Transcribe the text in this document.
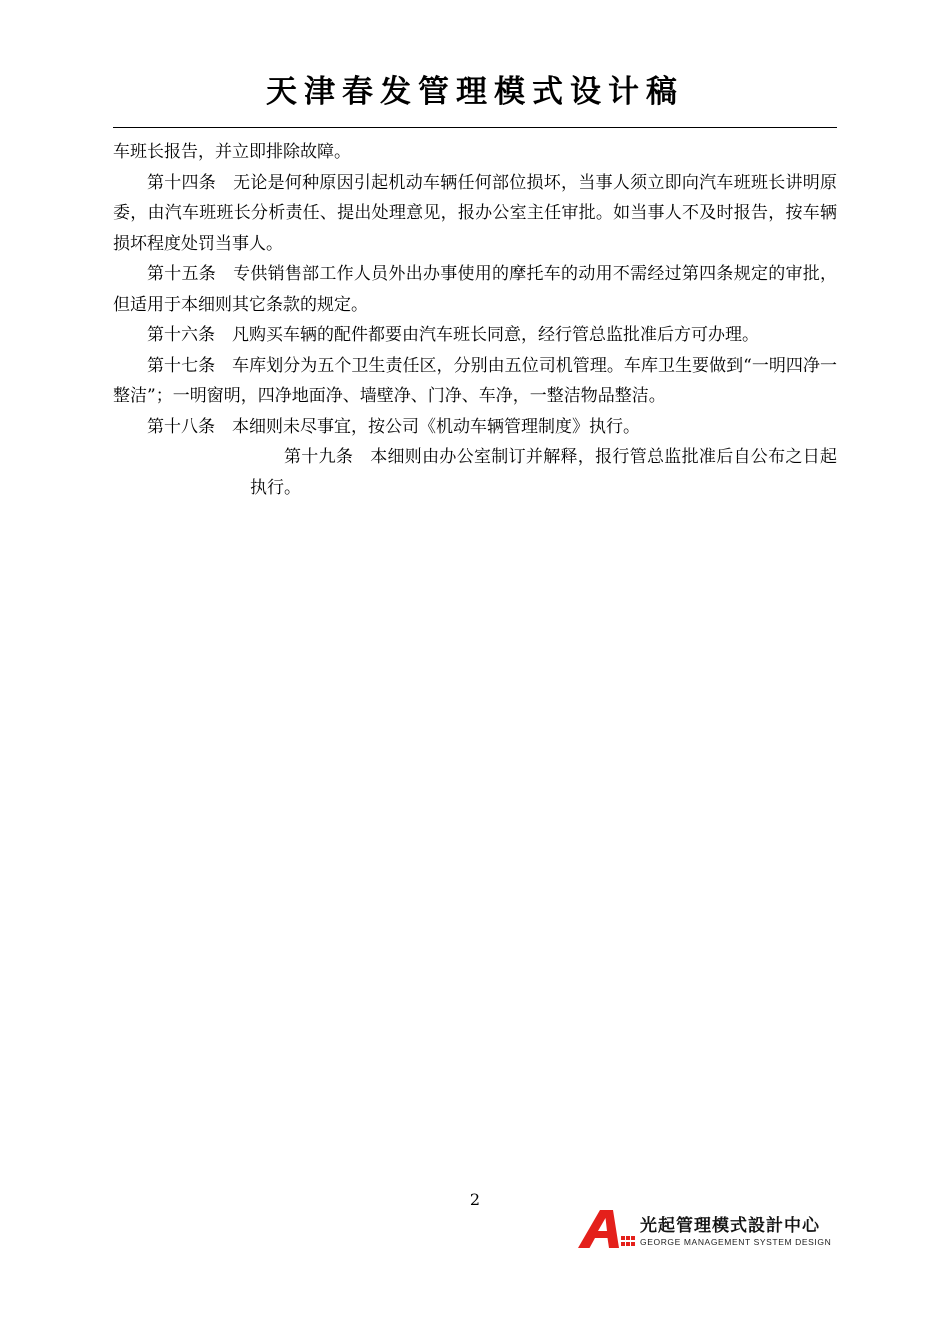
天津春发管理模式设计稿

车班长报告，并立即排除故障。

第十四条 无论是何种原因引起机动车辆任何部位损坏，当事人须立即向汽车班班长讲明原委，由汽车班班长分析责任、提出处理意见，报办公室主任审批。如当事人不及时报告，按车辆损坏程度处罚当事人。

第十五条 专供销售部工作人员外出办事使用的摩托车的动用不需经过第四条规定的审批，但适用于本细则其它条款的规定。

第十六条 凡购买车辆的配件都要由汽车班长同意，经行管总监批准后方可办理。

第十七条 车库划分为五个卫生责任区，分别由五位司机管理。车库卫生要做到“一明四净一整洁”；一明窗明，四净地面净、墙壁净、门净、车净，一整洁物品整洁。

第十八条 本细则未尽事宜，按公司《机动车辆管理制度》执行。

第十九条 本细则由办公室制订并解释，报行管总监批准后自公布之日起执行。

2
光起管理模式設計中心
GEORGE MANAGEMENT SYSTEM DESIGN
